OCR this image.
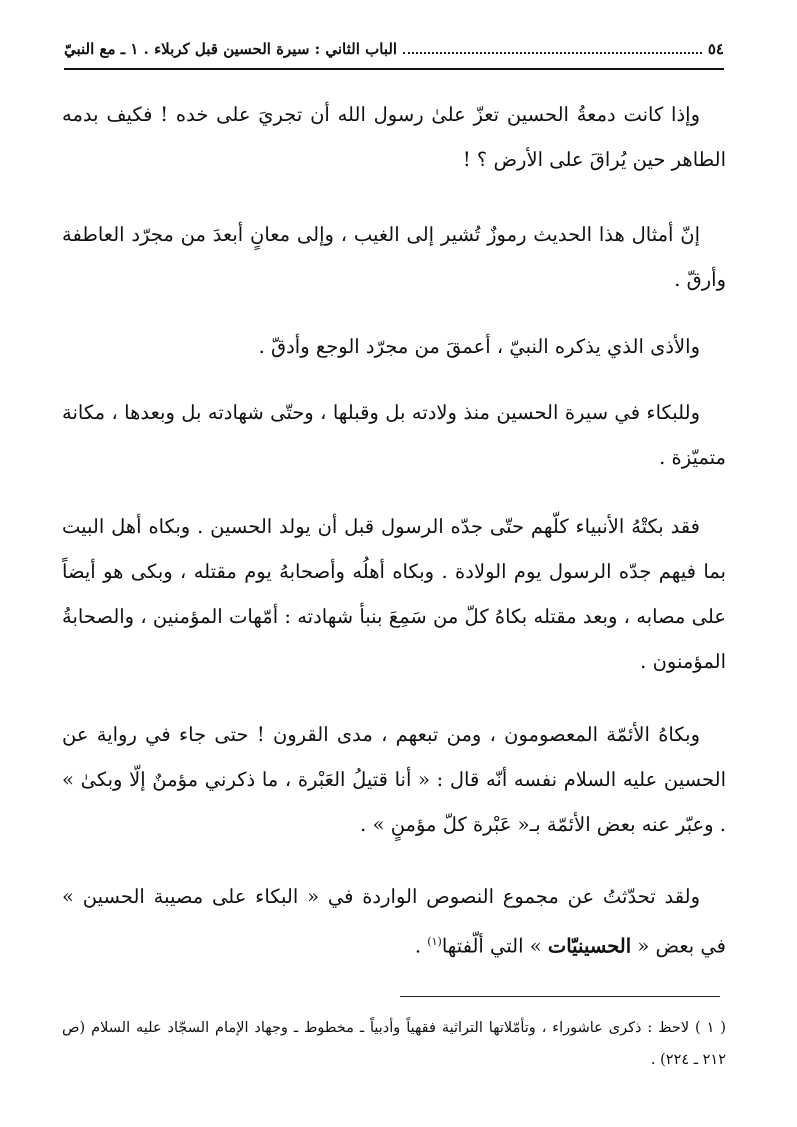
٥٤
الباب الثاني : سيرة الحسين قبل كربلاء . ١ ـ مع النبيّ

وإذا كانت دمعةُ الحسين تعزّ علىٰ رسول الله أن تجريَ على خده ! فكيف بدمه الطاهر حين يُراقَ على الأرض ؟ !

إنّ أمثال هذا الحديث رموزٌ تُشير إلى الغيب ، وإلى معانٍ أبعدَ من مجرّد العاطفة وأرقّ .

والأذى الذي يذكره النبيّ ، أعمقَ من مجرّد الوجع وأدقّ .

وللبكاء في سيرة الحسين منذ ولادته بل وقبلها ، وحتّى شهادته بل وبعدها ، مكانة متميّزة .

فقد بكتْهُ الأنبياء كلّهم حتّى جدّه الرسول قبل أن يولد الحسين . وبكاه أهل البيت بما فيهم جدّه الرسول يوم الولادة . وبكاه أهلُه وأصحابهُ يوم مقتله ، وبكى هو أيضاً على مصابه ، وبعد مقتله بكاهُ كلّ من سَمِعَ بنبأ شهادته : أمّهات المؤمنين ، والصحابةُ المؤمنون .

وبكاهُ الأئمّة المعصومون ، ومن تبعهم ، مدى القرون ! حتى جاء في رواية عن الحسين عليه السلام نفسه أنّه قال : « أنا قتيلُ العَبْرة ، ما ذكرني مؤمنٌ إلّا وبكىٰ » . وعبّر عنه بعض الأئمّة بـ« عَبْرة كلّ مؤمنٍ » .

ولقد تحدّثتُ عن مجموع النصوص الواردة في « البكاء على مصيبة الحسين » في بعض « الحسينيّات » التي ألّفتها$^{(١)}$ .

( ١ ) لاحظ : ذكرى عاشوراء ، وتأمّلاتها التراثية فقهياً وأدبياً ـ مخطوط ـ وجهاد الإمام السجّاد عليه السلام (ص ٢١٢ ـ ٢٢٤) .
